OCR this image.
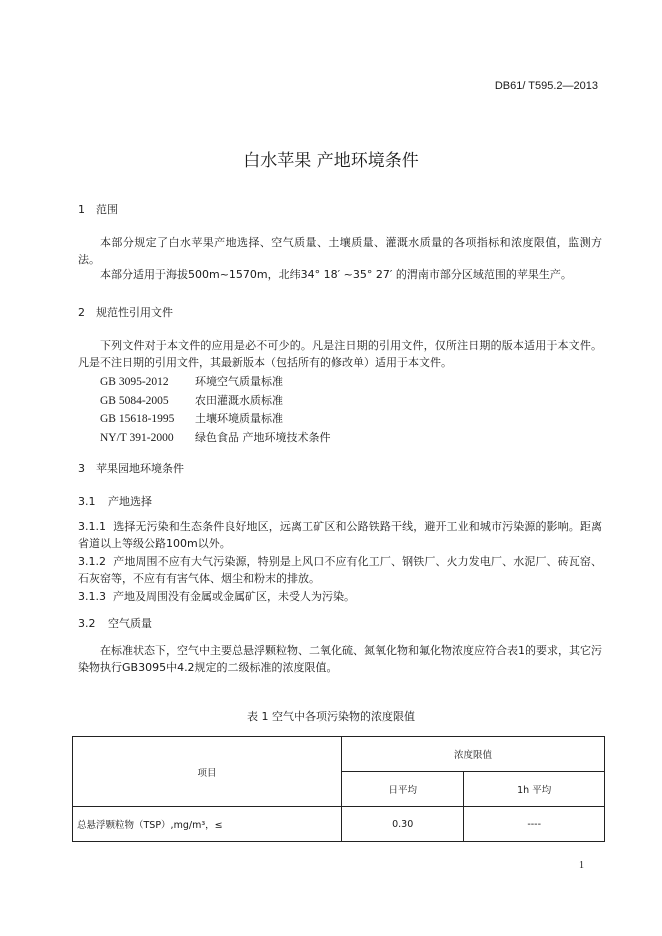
DB61/ T595.2—2013
白水苹果 产地环境条件
1 范围
本部分规定了白水苹果产地选择、空气质量、土壤质量、灌溉水质量的各项指标和浓度限值，监测方法。
本部分适用于海拔500m~1570m，北纬34° 18′ ~35° 27′ 的渭南市部分区域范围的苹果生产。
2 规范性引用文件
下列文件对于本文件的应用是必不可少的。凡是注日期的引用文件，仅所注日期的版本适用于本文件。凡是不注日期的引用文件，其最新版本（包括所有的修改单）适用于本文件。
GB 3095-2012 环境空气质量标准
GB 5084-2005 农田灌溉水质标准
GB 15618-1995 土壤环境质量标准
NY/T 391-2000 绿色食品 产地环境技术条件
3 苹果园地环境条件
3.1 产地选择
3.1.1 选择无污染和生态条件良好地区，远离工矿区和公路铁路干线，避开工业和城市污染源的影响。距离省道以上等级公路100m以外。
3.1.2 产地周围不应有大气污染源，特别是上风口不应有化工厂、钢铁厂、火力发电厂、水泥厂、砖瓦窑、石灰窑等，不应有有害气体、烟尘和粉末的排放。
3.1.3 产地及周围没有金属或金属矿区，未受人为污染。
3.2 空气质量
在标准状态下，空气中主要总悬浮颗粒物、二氧化硫、氮氧化物和氟化物浓度应符合表1的要求，其它污染物执行GB3095中4.2规定的二级标准的浓度限值。
表 1 空气中各项污染物的浓度限值
项目	浓度限值	
	日平均	1h 平均
总悬浮颗粒物（TSP）,mg/m³，≤	0.30	----
1
